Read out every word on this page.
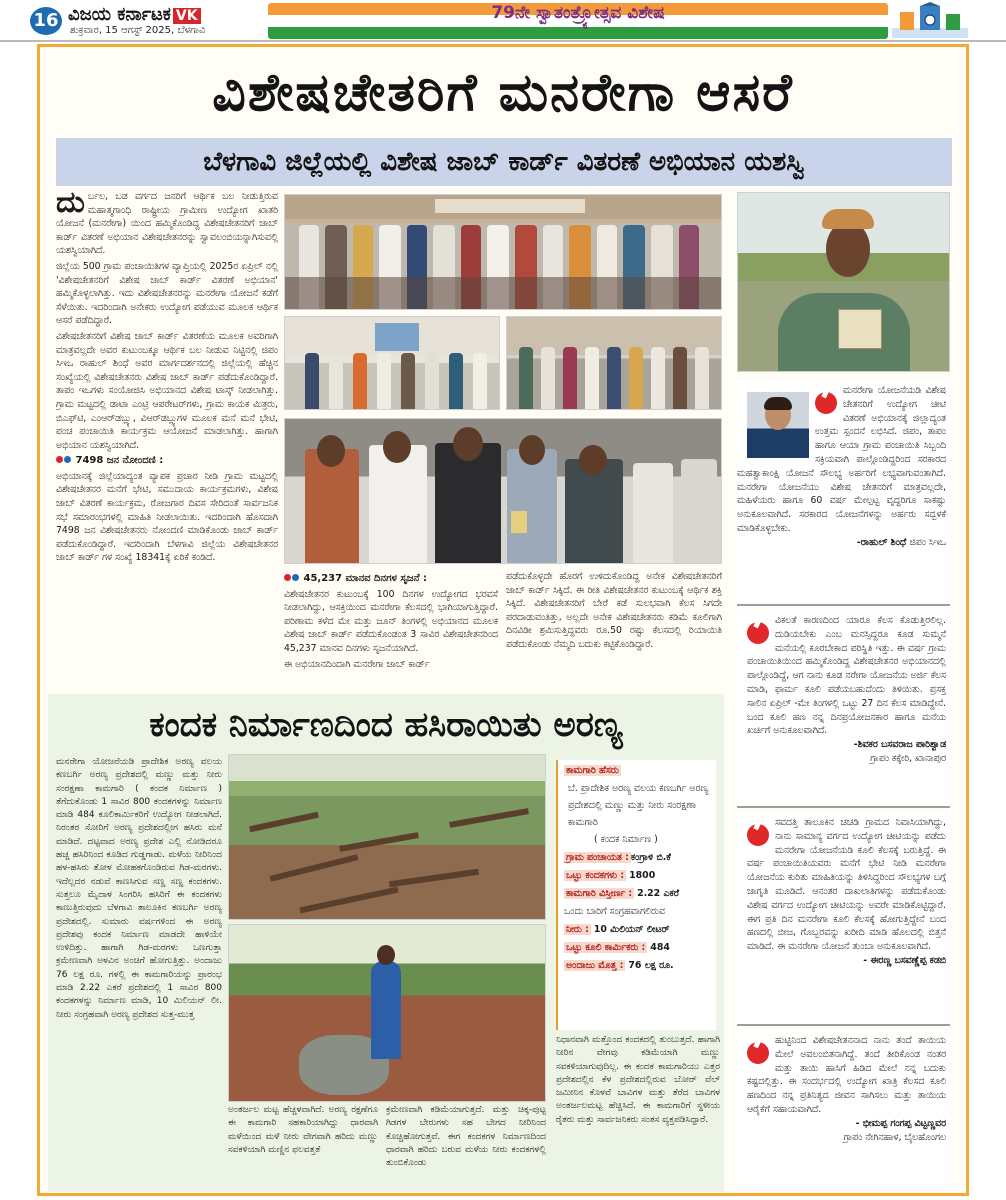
16 ವಿಜಯ ಕರ್ನಾಟಕ VK
ಶುಕ್ರವಾರ, 15 ಆಗಸ್ಟ್ 2025, ಬೆಳಗಾವಿ
79ನೇ ಸ್ವಾತಂತ್ರ್ಯೋತ್ಸವ ವಿಶೇಷ
ವಿಶೇಷಚೇತರಿಗೆ ಮನರೇಗಾ ಆಸರೆ
ಬೆಳಗಾವಿ ಜಿಲ್ಲೆಯಲ್ಲಿ ವಿಶೇಷ ಜಾಬ್ ಕಾರ್ಡ್ ವಿತರಣೆ ಅಭಿಯಾನ ಯಶಸ್ವಿ

ದುರ್ಬಲ, ಬಡ ವರ್ಗದ ಜನರಿಗೆ ಆರ್ಥಿಕ ಬಲ ನೀಡುತ್ತಿರುವ ಮಹಾತ್ಮಗಾಂಧಿ ರಾಷ್ಟ್ರೀಯ ಗ್ರಾಮೀಣ ಉದ್ಯೋಗ ಖಾತರಿ ಯೋಜನೆ (ಮನರೇಗಾ) ಯಿಂದ ಹಮ್ಮಿಕೊಂಡಿದ್ದ ವಿಶೇಷಚೇತನರಿಗೆ ಜಾಬ್ ಕಾರ್ಡ್ ವಿತರಣೆ ಅಭಿಯಾನ ವಿಶೇಷಚೇತನರನ್ನು ಸ್ವಾವಲಂಬಿಯನ್ನಾಗಿಸುವಲ್ಲಿ ಯಶಸ್ವಿಯಾಗಿದೆ.

ಜಿಲ್ಲೆಯ 500 ಗ್ರಾಮ ಪಂಚಾಯಿತಿಗಳ ವ್ಯಾಪ್ತಿಯಲ್ಲಿ 2025ರ ಏಪ್ರಿಲ್ ನಲ್ಲಿ 'ವಿಶೇಷಚೇತನರಿಗೆ ವಿಶೇಷ ಜಾಬ್ ಕಾರ್ಡ್ ವಿತರಣೆ ಅಭಿಯಾನ' ಹಮ್ಮಿಕೊಳ್ಳಲಾಗಿತ್ತು. ಇದು ವಿಶೇಷಚೇತನರನ್ನು ಮನರೇಗಾ ಯೋಜನೆ ಕಡೆಗೆ ಸೆಳೆಯಿತು. ಇದರಿಂದಾಗಿ ಅನೇಕರು ಉದ್ಯೋಗ ಪಡೆಯುವ ಮೂಲಕ ಆರ್ಥಿಕ ಆಸರೆ ಪಡೆದಿದ್ದಾರೆ.

ವಿಶೇಷಚೇತನರಿಗೆ ವಿಶೇಷ ಜಾಬ್ ಕಾರ್ಡ್ ವಿತರಣೆಯ ಮೂಲಕ ಅವರಿಗಾಗಿ ಮಾತ್ರವಲ್ಲದೇ ಅವರ ಕುಟುಂಬಕ್ಕೂ ಆರ್ಥಿಕ ಬಲ ನೀಡುವ ನಿಟ್ಟಿನಲ್ಲಿ ಜಿಪಂ ಸಿಇಒ ರಾಹುಲ್ ಶಿಂಧೆ ಅವರ ಮಾರ್ಗದರ್ಶನದಲ್ಲಿ ಜಿಲ್ಲೆಯಲ್ಲಿ ಹೆಚ್ಚಿನ ಸಂಖ್ಯೆಯಲ್ಲಿ ವಿಶೇಷಚೇತನರು ವಿಶೇಷ ಜಾಬ್ ಕಾರ್ಡ್ ಪಡೆದುಕೊಂಡಿದ್ದಾರೆ. ತಾಪಂ ಇಒಗಳು ಸಂಯೋಜಿಸಿ ಅಭಿಯಾನದ ವಿಶೇಷ ಟಾಸ್ಕ್ ನೀಡಲಾಗಿತ್ತು. ಗ್ರಾಮ ಮಟ್ಟದಲ್ಲಿ ಡಾಟಾ ಎಂಟ್ರಿ ಆಪರೇಟರ್‌ಗಳು, ಗ್ರಾಮ ಕಾಯಕ ಮಿತ್ರರು, ಬಿಎಫ್‌ಟಿ, ಎಂಆರ್‌ಡಬ್ಲ್ಯು, ವಿಆರ್‌ಡಬ್ಲ್ಯುಗಳ ಮೂಲಕ ಮನೆ ಮನೆ ಭೇಟಿ, ಪಂಚ ಪಂಚಾಯಿತಿ ಕಾರ್ಯಕ್ರಮ ಆಯೋಜನೆ ಮಾಡಲಾಗಿತ್ತು. ಹಾಗಾಗಿ ಅಭಿಯಾನ ಯಶಸ್ವಿಯಾಗಿದೆ.

7498 ಜನ ನೋಂದಣಿ :

ಅಭಿಯಾನಕ್ಕೆ ಜಿಲ್ಲೆಯಾದ್ಯಂತ ವ್ಯಾಪಕ ಪ್ರಚಾರ ನೀಡಿ ಗ್ರಾಮ ಮಟ್ಟದಲ್ಲಿ ವಿಶೇಷಚೇತನರ ಮನೆಗೆ ಭೇಟಿ, ಸಮುದಾಯ ಕಾರ್ಯಕ್ರಮಗಳು, ವಿಶೇಷ ಜಾಬ್ ವಿತರಣೆ ಕಾರ್ಯಕ್ರಮ, ರೋಜಗಾರ ದಿವಸ ಸೇರಿದಂತೆ ಸಾರ್ವಜನಿಕ ಸಭೆ ಸಮಾರಂಭಗಳಲ್ಲಿ ಮಾಹಿತಿ ನೀಡಲಾಯಿತು. ಇದರಿಂದಾಗಿ ಹೊಸದಾಗಿ 7498 ಜನ ವಿಶೇಷಚೇತನರು ನೋಂದಣಿ ಮಾಡಿಕೊಂಡು ಜಾಬ್ ಕಾರ್ಡ್ ಪಡೆದುಕೊಂಡಿದ್ದಾರೆ. ಇದರಿಂದಾಗಿ ಬೆಳಗಾವಿ ಜಿಲ್ಲೆಯ ವಿಶೇಷಚೇತನರ ಜಾಬ್ ಕಾರ್ಡ್ ಗಳ ಸಂಖ್ಯೆ 18341ಕ್ಕೆ ಏರಿಕೆ ಕಂಡಿದೆ.

45,237 ಮಾನವ ದಿನಗಳ ಸೃಜನೆ :

ವಿಶೇಷಚೇತನರ ಕುಟುಂಬಕ್ಕೆ 100 ದಿನಗಳ ಉದ್ಯೋಗದ ಭರವಸೆ ನೀಡಲಾಗಿದ್ದು, ಆಸಕ್ತಿಯಿಂದ ಮನರೇಗಾ ಕೆಲಸದಲ್ಲಿ ಭಾಗಿಯಾಗುತ್ತಿದ್ದಾರೆ. ಪರಿಣಾಮ ಕಳೆದ ಮೇ ಮತ್ತು ಜೂನ್ ತಿಂಗಳಲ್ಲಿ ಅಭಿಯಾನದ ಮೂಲಕ ವಿಶೇಷ ಜಾಬ್ ಕಾರ್ಡ್ ಪಡೆದುಕೊಂಡಂತ 3 ಸಾವಿರ ವಿಶೇಷಚೇತನರಿಂದ 45,237 ಮಾನವ ದಿನಗಳು ಸೃಜನೆಯಾಗಿದೆ.

ಈ ಅಭಿಯಾನದಿಂದಾಗಿ ಮನರೇಗಾ ಜಾಬ್ ಕಾರ್ಡ್

ಪಡೆದುಕೊಳ್ಳದೇ ಹೊರಗೆ ಉಳಿದುಕೊಂಡಿದ್ದ ಅನೇಕ ವಿಶೇಷಚೇತನರಿಗೆ ಜಾಬ್ ಕಾರ್ಡ್ ಸಿಕ್ಕಿದೆ. ಈ ರೀತಿ ವಿಶೇಷಚೇತನರ ಕುಟುಂಬಕ್ಕೆ ಆರ್ಥಿಕ ಶಕ್ತಿ ಸಿಕ್ಕಿದೆ. ವಿಶೇಷಚೇತನರಿಗೆ ಬೇರೆ ಕಡೆ ಸುಲಭವಾಗಿ ಕೆಲಸ ಸಿಗದೇ ಪರದಾಡುವಂತಿತ್ತು, ಅಲ್ಲದೇ ಅನೇಕ ವಿಶೇಷಚೇತನರು ಕಡಿಮೆ ಕೂಲಿಗಾಗಿ ದಿನವಿಡೀ ಶ್ರಮಿಸುತ್ತಿದ್ದವರು ರೂ.50 ರಷ್ಟು ಕೆಲಸದಲ್ಲಿ ರಿಯಾಯಿತಿ ಪಡೆದುಕೊಂಡು ನೆಮ್ಮದಿ ಬದುಕು ಕಟ್ಟಿಕೊಂಡಿದ್ದಾರೆ.

ಮನರೇಗಾ ಯೋಜನೆಯಡಿ ವಿಶೇಷ ಚೇತನರಿಗೆ ಉದ್ಯೋಗ ಚೀಟಿ ವಿತರಣೆ ಅಭಿಯಾನಕ್ಕೆ ಜಿಲ್ಲಾದ್ಯಂತ ಉತ್ತಮ ಸ್ಪಂದನೆ ಲಭಿಸಿದೆ. ಜಿಪಂ, ತಾಪಂ ಹಾಗೂ ಆಯಾ ಗ್ರಾಮ ಪಂಚಾಯಿತಿ ಸಿಬ್ಬಂದಿ ಸಕ್ರಿಯವಾಗಿ ಪಾಲ್ಗೊಂಡಿದ್ದರಿಂದ ಸರಕಾರದ ಮಹತ್ವಾಕಾಂಕ್ಷಿ ಯೋಜನೆ ಸೌಲಭ್ಯ ಅರ್ಹರಿಗೆ ಲಭ್ಯವಾಗುವಂತಾಗಿದೆ. ಮನರೇಗಾ ಯೋಜನೆಯು ವಿಶೇಷ ಚೇತನರಿಗೆ ಮಾತ್ರವಲ್ಲದೇ, ಮಹಿಳೆಯರು ಹಾಗೂ 60 ವರ್ಷ ಮೇಲ್ಪಟ್ಟ ವೃದ್ಧರಿಗೂ ಸಾಕಷ್ಟು ಅನುಕೂಲವಾಗಿದೆ. ಸರಕಾರದ ಯೋಜನೆಗಳನ್ನು ಅರ್ಹರು ಸದ್ಬಳಕೆ ಮಾಡಿಕೊಳ್ಳಬೇಕು.
-ರಾಹುಲ್ ಶಿಂಧೆ ಜಿಪಂ ಸಿಇಒ
ವಿಕಲತೆ ಕಾರಣದಿಂದ ಯಾರೂ ಕೆಲಸ ಕೊಡುತ್ತಿರಲಿಲ್ಲ. ದುಡಿಯಬೇಕು ಎಂಬ ಮನಸ್ಸಿದ್ದರೂ ಕೂಡ ಸುಮ್ಮನೆ ಮನೆಯಲ್ಲಿ ಕೂರಬೇಕಾದ ಪರಿಸ್ಥಿತಿ ಇತ್ತು. ಈ ವರ್ಷ ಗ್ರಾಮ ಪಂಚಾಯಿತಿಯಿಂದ ಹಮ್ಮಿಕೊಂಡಿದ್ದ ವಿಶೇಷಚೇತನರ ಅಭಿಯಾನದಲ್ಲಿ ಪಾಲ್ಗೊಂಡಿದ್ದೆ, ಆಗ ನಾನು ಕೂಡ ನರೇಗಾ ಯೋಜನೆಯ ಅರ್ಜಿ ಕೆಲಸ ಮಾಡಿ, ಫಾರ್ಮ ಕೂಲಿ ಪಡೆಯಬಹುದೆಂದು ತಿಳಿಯಿತು. ಪ್ರಸಕ್ತ ಸಾಲಿನ ಏಪ್ರಿಲ್ -ಮೇ ತಿಂಗಳಲ್ಲಿ ಒಟ್ಟು 27 ದಿನ ಕೆಲಸ ಮಾಡಿದ್ದೇನೆ. ಬಂದ ಕೂಲಿ ಹಣ ನನ್ನ ದಿನಪ್ರಯೋಜನಕಾರ ಹಾಗೂ ಮನೆಯ ಖರ್ಚಿಗೆ ಅನುಕೂಲವಾಗಿದೆ.
-ಶಿವಕರ ಬಸವರಾಜ ಪಾರಿಶ್ವಾಡ
ಗ್ರಾಪಂ ಕಕ್ಕೇರಿ, ಖಾನಾಪುರ
ಸವದತ್ತಿ ತಾಲೂಕಿನ ಚಚಡಿ ಗ್ರಾಮದ ನಿವಾಸಿಯಾಗಿದ್ದು, ನಾನು ಸಾಮಾನ್ಯ ವರ್ಗದ ಉದ್ಯೋಗ ಚೀಟಿಯನ್ನು ಪಡೆದು ಮನರೇಗಾ ಯೋಜನೆಯಡಿ ಕೂಲಿ ಕೆಲಸಕ್ಕೆ ಬರುತ್ತಿದ್ದೆ. ಈ ವರ್ಷ ಪಂಚಾಯಿತಿಯವರು ಮನೆಗೆ ಭೇಟಿ ನೀಡಿ ಮನರೇಗಾ ಯೋಜನೆಯ ಕುರಿತು ಮಾಹಿತಿಯನ್ನು ತಿಳಿಸಿದ್ದರಿಂದ ಸೌಲಭ್ಯಗಳ ಬಗ್ಗೆ ಜಾಗೃತಿ ಮೂಡಿದೆ. ಆನಂತರ ದಾಖಲಾತಿಗಳನ್ನು ಪಡೆದುಕೊಂಡು ವಿಶೇಷ ವರ್ಗದ ಉದ್ಯೋಗ ಚೀಟಿಯನ್ನು ಅವರೇ ಮಾಡಿಕೊಟ್ಟಿದ್ದಾರೆ. ಈಗ ಪ್ರತಿ ದಿನ ಮನರೇಗಾ ಕೂಲಿ ಕೆಲಸಕ್ಕೆ ಹೋಗುತ್ತಿದ್ದೇನೆ ಬಂದ ಹಣದಲ್ಲಿ ಬೀಜ, ಗೊಬ್ಬರವನ್ನು ಖರೀದಿ ಮಾಡಿ ಹೊಲದಲ್ಲಿ ಬಿತ್ತನೆ ಮಾಡಿದೆ. ಈ ಮನರೇಗಾ ಯೋಜನೆ ತುಂಬಾ ಅನುಕೂಲವಾಗಿದೆ.
- ಈರಣ್ಣ ಬಸವಣ್ಣೆಪ್ಪ ಕಡಬಿ
ಹುಟ್ಟಿನಿಂದ ವಿಶೇಷಚೇತನನಾದ ನಾನು ತಂದೆ ತಾಯಿಯ ಮೇಲೆ ಅವಲಂಬಿತನಾಗಿದ್ದೆ. ತಂದೆ ತೀರಿಕೊಂಡ ನಂತರ ಮತ್ತು ತಾಯಿ ಹಾಸಿಗೆ ಹಿಡಿದ ಮೇಲೆ ನನ್ನ ಬದುಕು ಕಷ್ಟದಲ್ಲಿತ್ತು. ಈ ಸಂದರ್ಭದಲ್ಲಿ ಉದ್ಯೋಗ ಖಾತ್ರಿ ಕೆಲಸದ ಕೂಲಿ ಹಣದಿಂದ ನನ್ನ ಪ್ರತಿನಿತ್ಯದ ಜೀವನ ಸಾಗಿಸಲು ಮತ್ತು ತಾಯಿಯ ಆರೈಕೆಗೆ ಸಹಾಯವಾಗಿದೆ.
- ಭೀಮಪ್ಪ ಗಂಗಪ್ಪ ವಿಟ್ಟಣ್ಣವರ
ಗ್ರಾಪಂ ನೇಗಿನಹಾಳ, ಬೈಲಹೊಂಗಲ
ಕಂದಕ ನಿರ್ಮಾಣದಿಂದ ಹಸಿರಾಯಿತು ಅರಣ್ಯ

ಮನರೇಗಾ ಯೋಜನೆಯಡಿ ಪ್ರಾದೇಶಿಕ ಅರಣ್ಯ ವಲಯ ಕಣಬರ್ಗಿ ಅರಣ್ಯ ಪ್ರದೇಶದಲ್ಲಿ ಮಣ್ಣು ಮತ್ತು ನೀರು ಸಂರಕ್ಷಣಾ ಕಾಮಗಾರಿ ( ಕಂದಕ ನಿರ್ಮಾಣ ) ತೆಗೆದುಕೊಂಡು 1 ಸಾವಿರ 800 ಕಂದಕಗಳನ್ನು ನಿರ್ಮಾಣ ಮಾಡಿ 484 ಕೂಲಿಕಾರ್ಮಿಕರಿಗೆ ಉದ್ಯೋಗ ನೀಡಲಾಗಿದೆ. ನಿರಂತರ ಸೋರಿಗೆ ಅರಣ್ಯ ಪ್ರದೇಶದಲ್ಲೀಗ ಹಸಿರು ಮನೆ ಮಾಡಿದೆ. ದಟ್ಟವಾದ ಅರಣ್ಯ ಪ್ರದೇಶ ಎಲ್ಲಿ ನೋಡಿದರೂ ಹಚ್ಚ ಹಸಿರಿನಿಂದ ಕೂಡಿದ ಗುಡ್ಡಗಾಡು. ಮಳೆಯ ನೀರಿನಿಂದ ಹಳ-ಹಸಿರು ತೋಳ ಮೋಹಕಗೊಂಡಿರುವ ಗಿಡ-ಮರಗಳು. ಇದೆಲ್ಲದರ ನಡುವೆ ಕಾಣಸಿಗುವ ಸಣ್ಣ ಸಣ್ಣ ಕಂದಕಗಳು. ಸುತ್ತಲೂ ಮೈದಾಳ ಸಿಂಗರಿಸಿ ಹಸಿರಿಗೆ ಈ ಕಂದಕಗಳು ಕಾಣುತ್ತಿರುವುದು ಬೆಳಗಾವಿ ತಾಲೂಕಿನ ಕಣಬರ್ಗಿ ಅರಣ್ಯ ಪ್ರದೇಶದಲ್ಲಿ. ಸುಮಾರು ವರ್ಷಗಳಿಂದ ಈ ಅರಣ್ಯ ಪ್ರದೇಶವು ಕಂದಕ ನಿರ್ಮಾಣ ಮಾಡದೇ ಹಾಳಿಯೇ ಉಳಿದಿತ್ತು. ಹಾಗಾಗಿ ಗಿಡ-ಮರಗಳು ಒಣಗುತ್ತಾ ಕ್ರಮೇಣವಾಗಿ ಅಳವಿನ ಅಂಚಿಗೆ ಹೋಗುತ್ತಿತ್ತು. ಅಂದಾಜು 76 ಲಕ್ಷ ರೂ. ಗಳಲ್ಲಿ ಈ ಕಾಮಗಾರಿಯನ್ನು ಪ್ರಾರಂಭ ಮಾಡಿ 2.22 ಎಕರೆ ಪ್ರದೇಶದಲ್ಲಿ 1 ಸಾವಿರ 800 ಕಂದಕಗಳನ್ನು ನಿರ್ಮಾಣ ಮಾಡಿ, 10 ಮಿಲಿಯನ್ ಲೀ. ನೀರು ಸಂಗ್ರಹವಾಗಿ ಅರಣ್ಯ ಪ್ರದೇಶದ ಸುತ್ತ-ಮುತ್ತ

ಕಾಮಗಾರಿ ಹೆಸರು
ಬೆ. ಪ್ರಾದೇಶಿಕ ಅರಣ್ಯ ವಲಯ ಕಣಬರ್ಗಿ ಅರಣ್ಯ ಪ್ರದೇಶದಲ್ಲಿ ಮಣ್ಣು ಮತ್ತು ನೀರು ಸಂರಕ್ಷಣಾ ಕಾಮಗಾರಿ
( ಕಂದಕ ನಿರ್ಮಾಣ )
ಗ್ರಾಮ ಪಂಚಾಯತ : ಕಂಗ್ರಾಳಿ ಬಿ.ಕೆ
ಒಟ್ಟು ಕಂದಕಗಳು : 1800
ಕಾಮಗಾರಿ ವಿಸ್ತೀರ್ಣ : 2.22 ಎಕರೆ
ಒಂದು ಬಾರಿಗೆ ಸಂಗ್ರಹವಾಗಲಿರುವ
ನೀರು : 10 ಮಿಲಿಯನ್ ಲೀಟರ್
ಒಟ್ಟು ಕೂಲಿ ಕಾರ್ಮಿಕರು : 484
ಅಂದಾಜು ಮೊತ್ತ : 76 ಲಕ್ಷ ರೂ.

ಅಂತರ್ಜಲ ಮಟ್ಟ ಹೆಚ್ಚಳವಾಗಿದೆ. ಅರಣ್ಯ ರಕ್ಷಣೆಗೂ ಈ ಕಾಮಗಾರಿ ಸಹಕಾರಿಯಾಗಿದ್ದು ಧಾರವಾಗಿ ಮಳೆಯಿಂದ ಮಳೆ ನೀರು ವೇಗವಾಗಿ ಹರಿದು ಮಣ್ಣು ಸವಕಳಿಯಾಗಿ ಮಣ್ಣಿನ ಫಲವತ್ತತೆ

ಕ್ರಮೇಣವಾಗಿ ಕಡಿಮೆಯಾಗುತ್ತದೆ. ಮತ್ತು ಚಿಕ್ಕ-ಪುಟ್ಟ ಗಿಡಗಳ ಬೇರುಗಳು ಸಹ ಬೇಗದ ನೀರಿನಿಂದ ಕೊಚ್ಚಿಹೋಗುತ್ತವೆ. ಈಗ ಕಂದಕಗಳ ನಿರ್ಮಾಣದಿಂದ ಧಾರವಾಗಿ ಹರಿದು ಬರುವ ಮಳೆಯ ನೀರು ಕಂದಕಗಳಲ್ಲಿ ತುಂಬಿಕೊಂಡು

ನಿಧಾನವಾಗಿ ಮತ್ತೊಂದ ಕಂದಕದಲ್ಲಿ ತುಂಬುತ್ತದೆ. ಹಾಗಾಗಿ ನೀರಿನ ವೇಗವು ಕಡಿಮೆಯಾಗಿ ಮಣ್ಣು ಸವಕಳಿಯಾಗುವುದಿಲ್ಲ. ಈ ಕಂದಕ ಕಾಮಗಾರಿಯು ಎತ್ತರ ಪ್ರದೇಶದಲ್ಲಿನ ಕೆಳ ಪ್ರದೇಶದಲ್ಲಿರುವ ಬೋರ್ ವೆಲ್ ಜಮೀನಿನ ಕೊಳವೆ ಬಾವಿಗಳ ಮತ್ತು ತೆರೆದ ಬಾವಿಗಳ ಅಂತರ್ಜಲಮಟ್ಟ ಹೆಚ್ಚಿಸಿದೆ. ಈ ಕಾಮಗಾರಿಗೆ ಸ್ಥಳೀಯ ರೈತರು ಮತ್ತು ಸಾರ್ವಜನಿಕರು ಸಂತಸ ವ್ಯಕ್ತಪಡಿಸಿದ್ದಾರೆ.
